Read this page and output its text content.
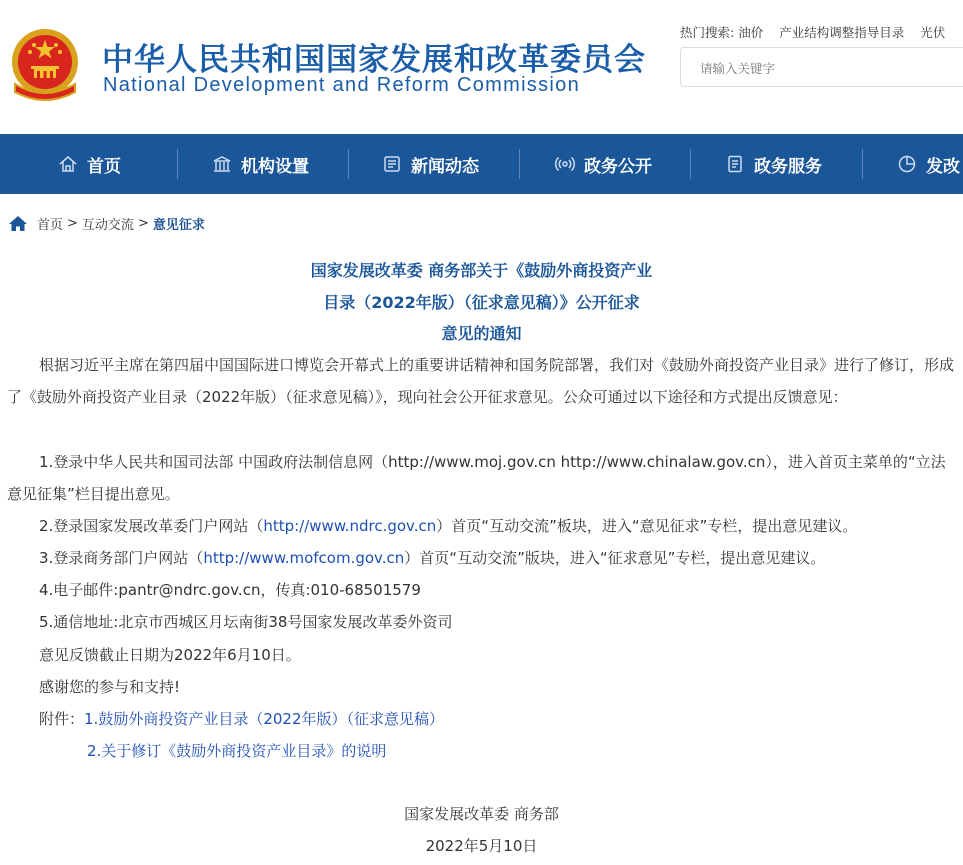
中华人民共和国国家发展和改革委员会
National Development and Reform Commission
热门搜索: 油价 产业结构调整指导目录 光伏
请输入关键字
首页	机构设置	新闻动态	政务公开	政务服务	发改
首页 > 互动交流 > 意见征求
国家发展改革委 商务部关于《鼓励外商投资产业
目录（2022年版）（征求意见稿）》公开征求
意见的通知
根据习近平主席在第四届中国国际进口博览会开幕式上的重要讲话精神和国务院部署，我们对《鼓励外商投资产业目录》进行了修订，形成了《鼓励外商投资产业目录（2022年版）（征求意见稿）》，现向社会公开征求意见。公众可通过以下途径和方式提出反馈意见：
1.登录中华人民共和国司法部 中国政府法制信息网（http://www.moj.gov.cn http://www.chinalaw.gov.cn），进入首页主菜单的“立法意见征集”栏目提出意见。
2.登录国家发展改革委门户网站（http://www.ndrc.gov.cn）首页“互动交流”板块，进入“意见征求”专栏，提出意见建议。
3.登录商务部门户网站（http://www.mofcom.gov.cn）首页“互动交流”版块，进入“征求意见”专栏，提出意见建议。
4.电子邮件:pantr@ndrc.gov.cn，传真:010-68501579
5.通信地址:北京市西城区月坛南街38号国家发展改革委外资司
意见反馈截止日期为2022年6月10日。
感谢您的参与和支持!
附件：1.鼓励外商投资产业目录（2022年版）（征求意见稿）
2.关于修订《鼓励外商投资产业目录》的说明
国家发展改革委 商务部
2022年5月10日
